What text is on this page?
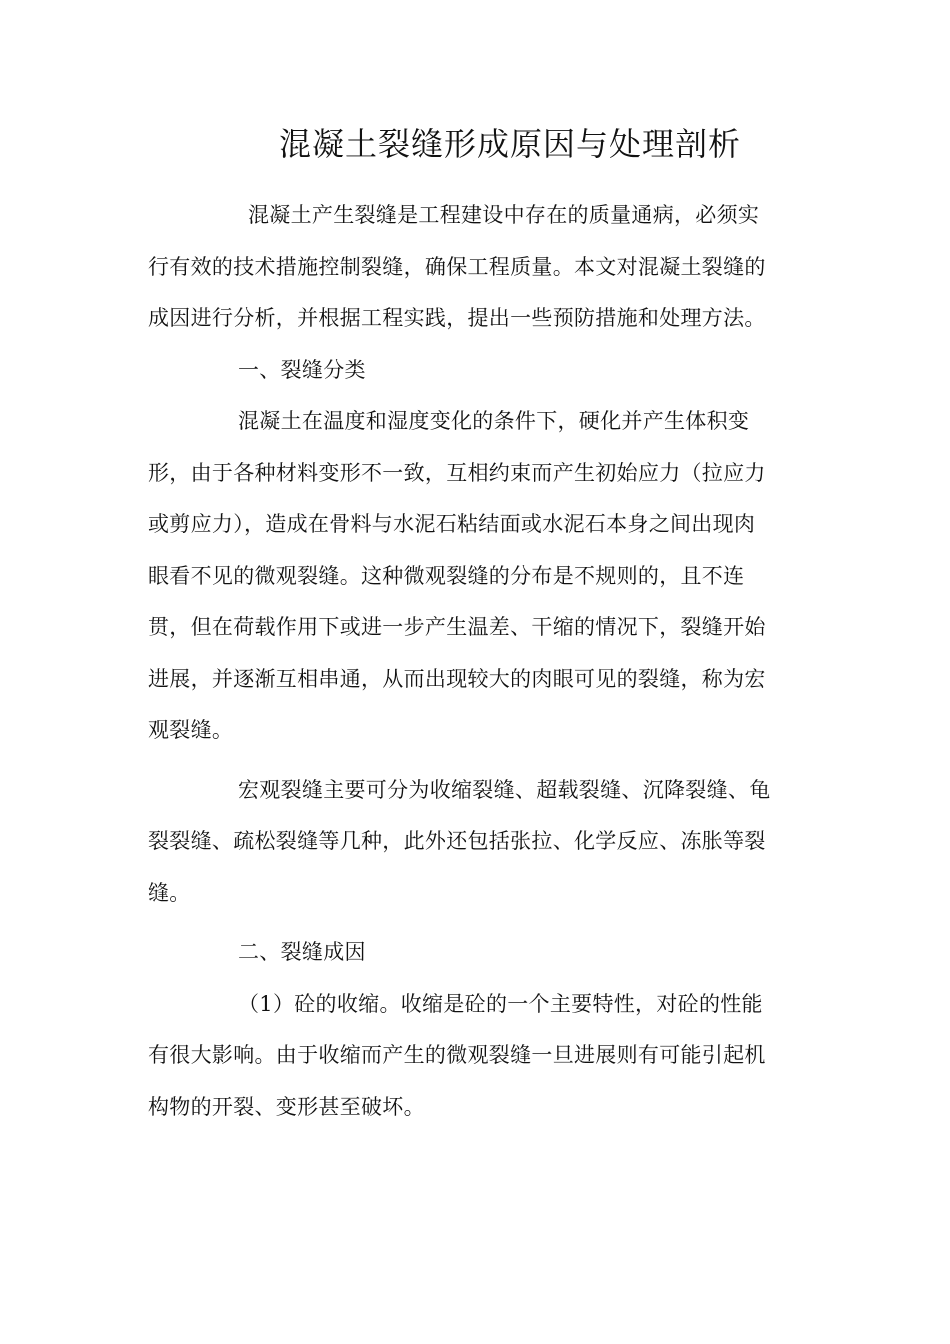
混凝土裂缝形成原因与处理剖析
混凝土产生裂缝是工程建设中存在的质量通病，必须实
行有效的技术措施控制裂缝，确保工程质量。本文对混凝土裂缝的
成因进行分析，并根据工程实践，提出一些预防措施和处理方法。
一、裂缝分类
混凝土在温度和湿度变化的条件下，硬化并产生体积变
形，由于各种材料变形不一致，互相约束而产生初始应力（拉应力
或剪应力），造成在骨料与水泥石粘结面或水泥石本身之间出现肉
眼看不见的微观裂缝。这种微观裂缝的分布是不规则的，且不连
贯，但在荷载作用下或进一步产生温差、干缩的情况下，裂缝开始
进展，并逐渐互相串通，从而出现较大的肉眼可见的裂缝，称为宏
观裂缝。
宏观裂缝主要可分为收缩裂缝、超载裂缝、沉降裂缝、龟
裂裂缝、疏松裂缝等几种，此外还包括张拉、化学反应、冻胀等裂
缝。
二、裂缝成因
（1）砼的收缩。收缩是砼的一个主要特性，对砼的性能
有很大影响。由于收缩而产生的微观裂缝一旦进展则有可能引起机
构物的开裂、变形甚至破坏。
